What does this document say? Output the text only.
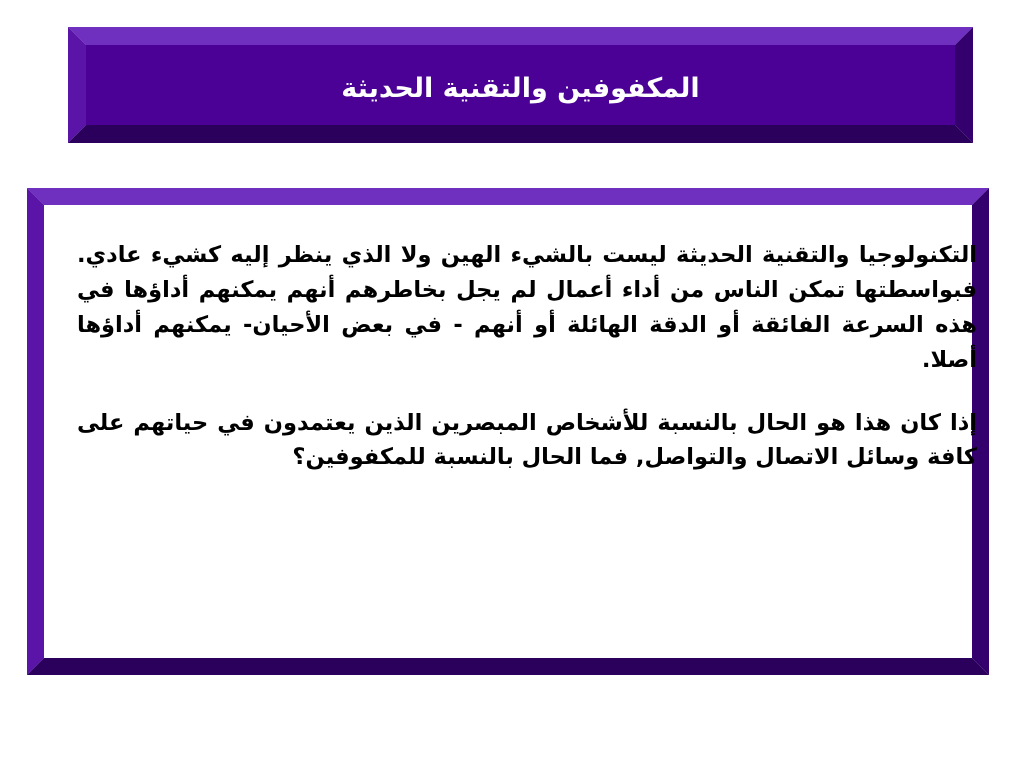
المكفوفين والتقنية الحديثة

التكنولوجيا والتقنية الحديثة ليست بالشيء الهين ولا الذي ينظر إليه كشيء عادي. فبواسطتها تمكن الناس من أداء أعمال لم يجل بخاطرهم أنهم يمكنهم أداؤها في هذه السرعة الفائقة أو الدقة الهائلة أو أنهم - في بعض الأحيان- يمكنهم أداؤها أصلا.

إذا كان هذا هو الحال بالنسبة للأشخاص المبصرين الذين يعتمدون في حياتهم على كافة وسائل الاتصال والتواصل, فما الحال بالنسبة للمكفوفين؟
